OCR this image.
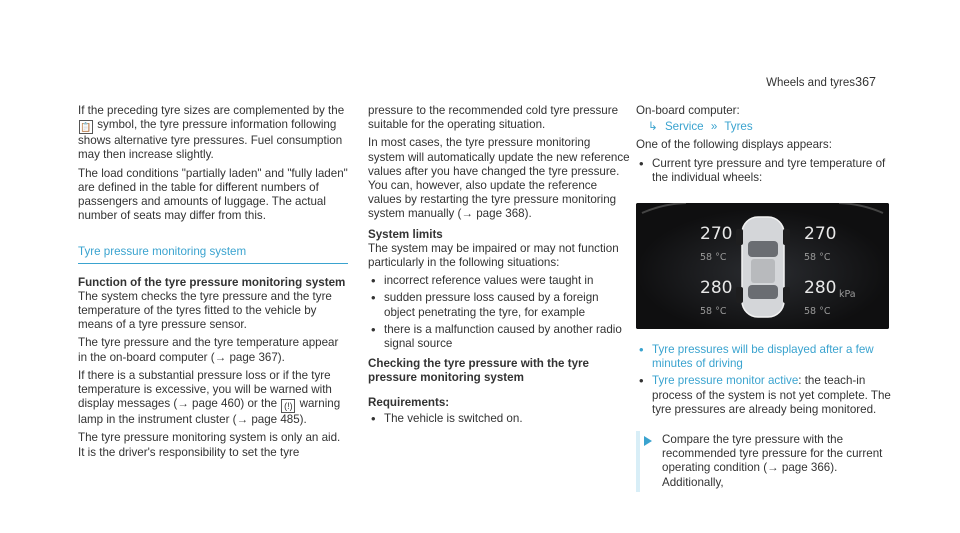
Wheels and tyres 367

If the preceding tyre sizes are complemented by the 📋 symbol, the tyre pressure information following shows alternative tyre pressures. Fuel consumption may then increase slightly.

The load conditions "partially laden" and "fully laden" are defined in the table for different numbers of passengers and amounts of luggage. The actual number of seats may differ from this.

Tyre pressure monitoring system
Function of the tyre pressure monitoring system

The system checks the tyre pressure and the tyre temperature of the tyres fitted to the vehicle by means of a tyre pressure sensor.

The tyre pressure and the tyre temperature appear in the on-board computer (→ page 367).

If there is a substantial pressure loss or if the tyre temperature is excessive, you will be warned with display messages (→ page 460) or the (!) warning lamp in the instrument cluster (→ page 485).

The tyre pressure monitoring system is only an aid. It is the driver's responsibility to set the tyre

pressure to the recommended cold tyre pressure suitable for the operating situation.

In most cases, the tyre pressure monitoring system will automatically update the new reference values after you have changed the tyre pressure. You can, however, also update the reference values by restarting the tyre pressure monitoring system manually (→ page 368).

System limits

The system may be impaired or may not function particularly in the following situations:

• incorrect reference values were taught in
• sudden pressure loss caused by a foreign object penetrating the tyre, for example
• there is a malfunction caused by another radio signal source
Checking the tyre pressure with the tyre pressure monitoring system
Requirements:
• The vehicle is switched on.

On-board computer:

↳ Service » Tyres

One of the following displays appears:

• Current tyre pressure and tyre temperature of the individual wheels:
270
58 °C
270
58 °C
280
58 °C
280 kPa
58 °C
• Tyre pressures will be displayed after a few minutes of driving
• Tyre pressure monitor active: the teach-in process of the system is not yet complete. The tyre pressures are already being monitored.
Compare the tyre pressure with the recommended tyre pressure for the current operating condition (→ page 366). Additionally,
